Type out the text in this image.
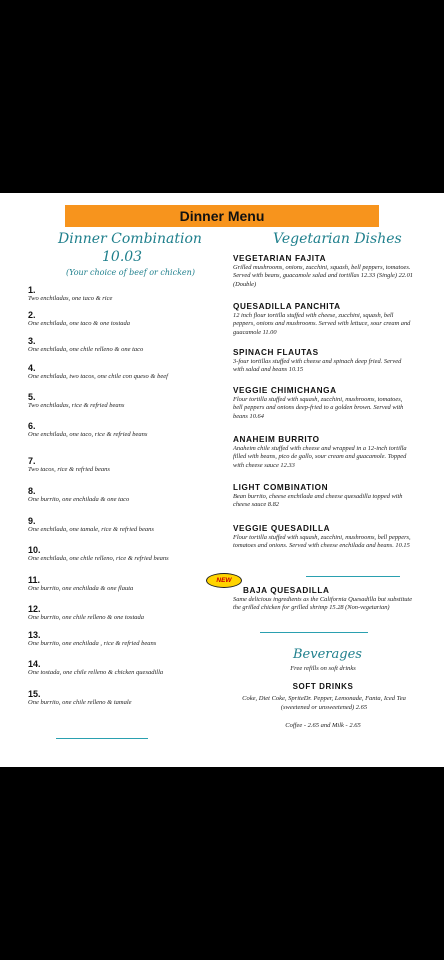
Dinner Menu
Dinner Combination
10.03
(Your choice of beef or chicken)
1.
Two enchiladas, one taco & rice
2.
One enchilada, one taco & one tostada
3.
One enchilada, one chile relleno & one taco
4.
One enchilada, two tacos, one chile con queso & beef
5.
Two enchiladas, rice & refried beans
6.
One enchilada, one taco, rice & refried beans
7.
Two tacos, rice & refried beans
8.
One burrito, one enchilada & one taco
9.
One enchilada, one tamale, rice & refried beans
10.
One enchilada, one chile relleno, rice & refried beans
11.
One burrito, one enchilada & one flauta
12.
One burrito, one chile relleno & one tostada
13.
One burrito, one enchilada , rice & refried beans
14.
One tostada, one chile relleno & chicken quesadilla
15.
One burrito, one chile relleno & tamale
Vegetarian Dishes
VEGETARIAN FAJITA
Grilled mushrooms, onions, zucchini, squash, bell peppers, tomatoes. Served with beans, guacamole salad and tortillas 12.33 (Single) 22.01 (Double)
QUESADILLA PANCHITA
12 inch flour tortilla stuffed with cheese, zucchini, squash, bell peppers, onions and mushrooms. Served with lettuce, sour cream and guacamole 11.00
SPINACH FLAUTAS
3-four tortillas stuffed with cheese and spinach deep fried. Served with salad and beans 10.15
VEGGIE CHIMICHANGA
Flour tortilla stuffed with squash, zucchini, mushrooms, tomatoes, bell peppers and onions deep-fried to a golden brown. Served with beans 10.64
ANAHEIM BURRITO
Anaheim chile stuffed with cheese and wrapped in a 12-inch tortilla filled with beans, pico de gallo, sour cream and guacamole. Topped with cheese sauce 12.33
LIGHT COMBINATION
Bean burrito, cheese enchilada and cheese quesadilla topped with cheese sauce 8.82
VEGGIE QUESADILLA
Flour tortilla stuffed with squash, zucchini, mushrooms, bell peppers, tomatoes and onions. Served with cheese enchilada and beans. 10.15
NEW
BAJA QUESADILLA
Same delicious ingredients as the California Quesadilla but substitute the grilled chicken for grilled shrimp 15.28 (Non-vegetarian)
Beverages
Free refills on soft drinks
SOFT DRINKS
Coke, Diet Coke, SpriteDr. Pepper, Lemonade, Fanta, Iced Tea (sweetened or unsweetened) 2.65
Coffee - 2.65 and Milk - 2.65
